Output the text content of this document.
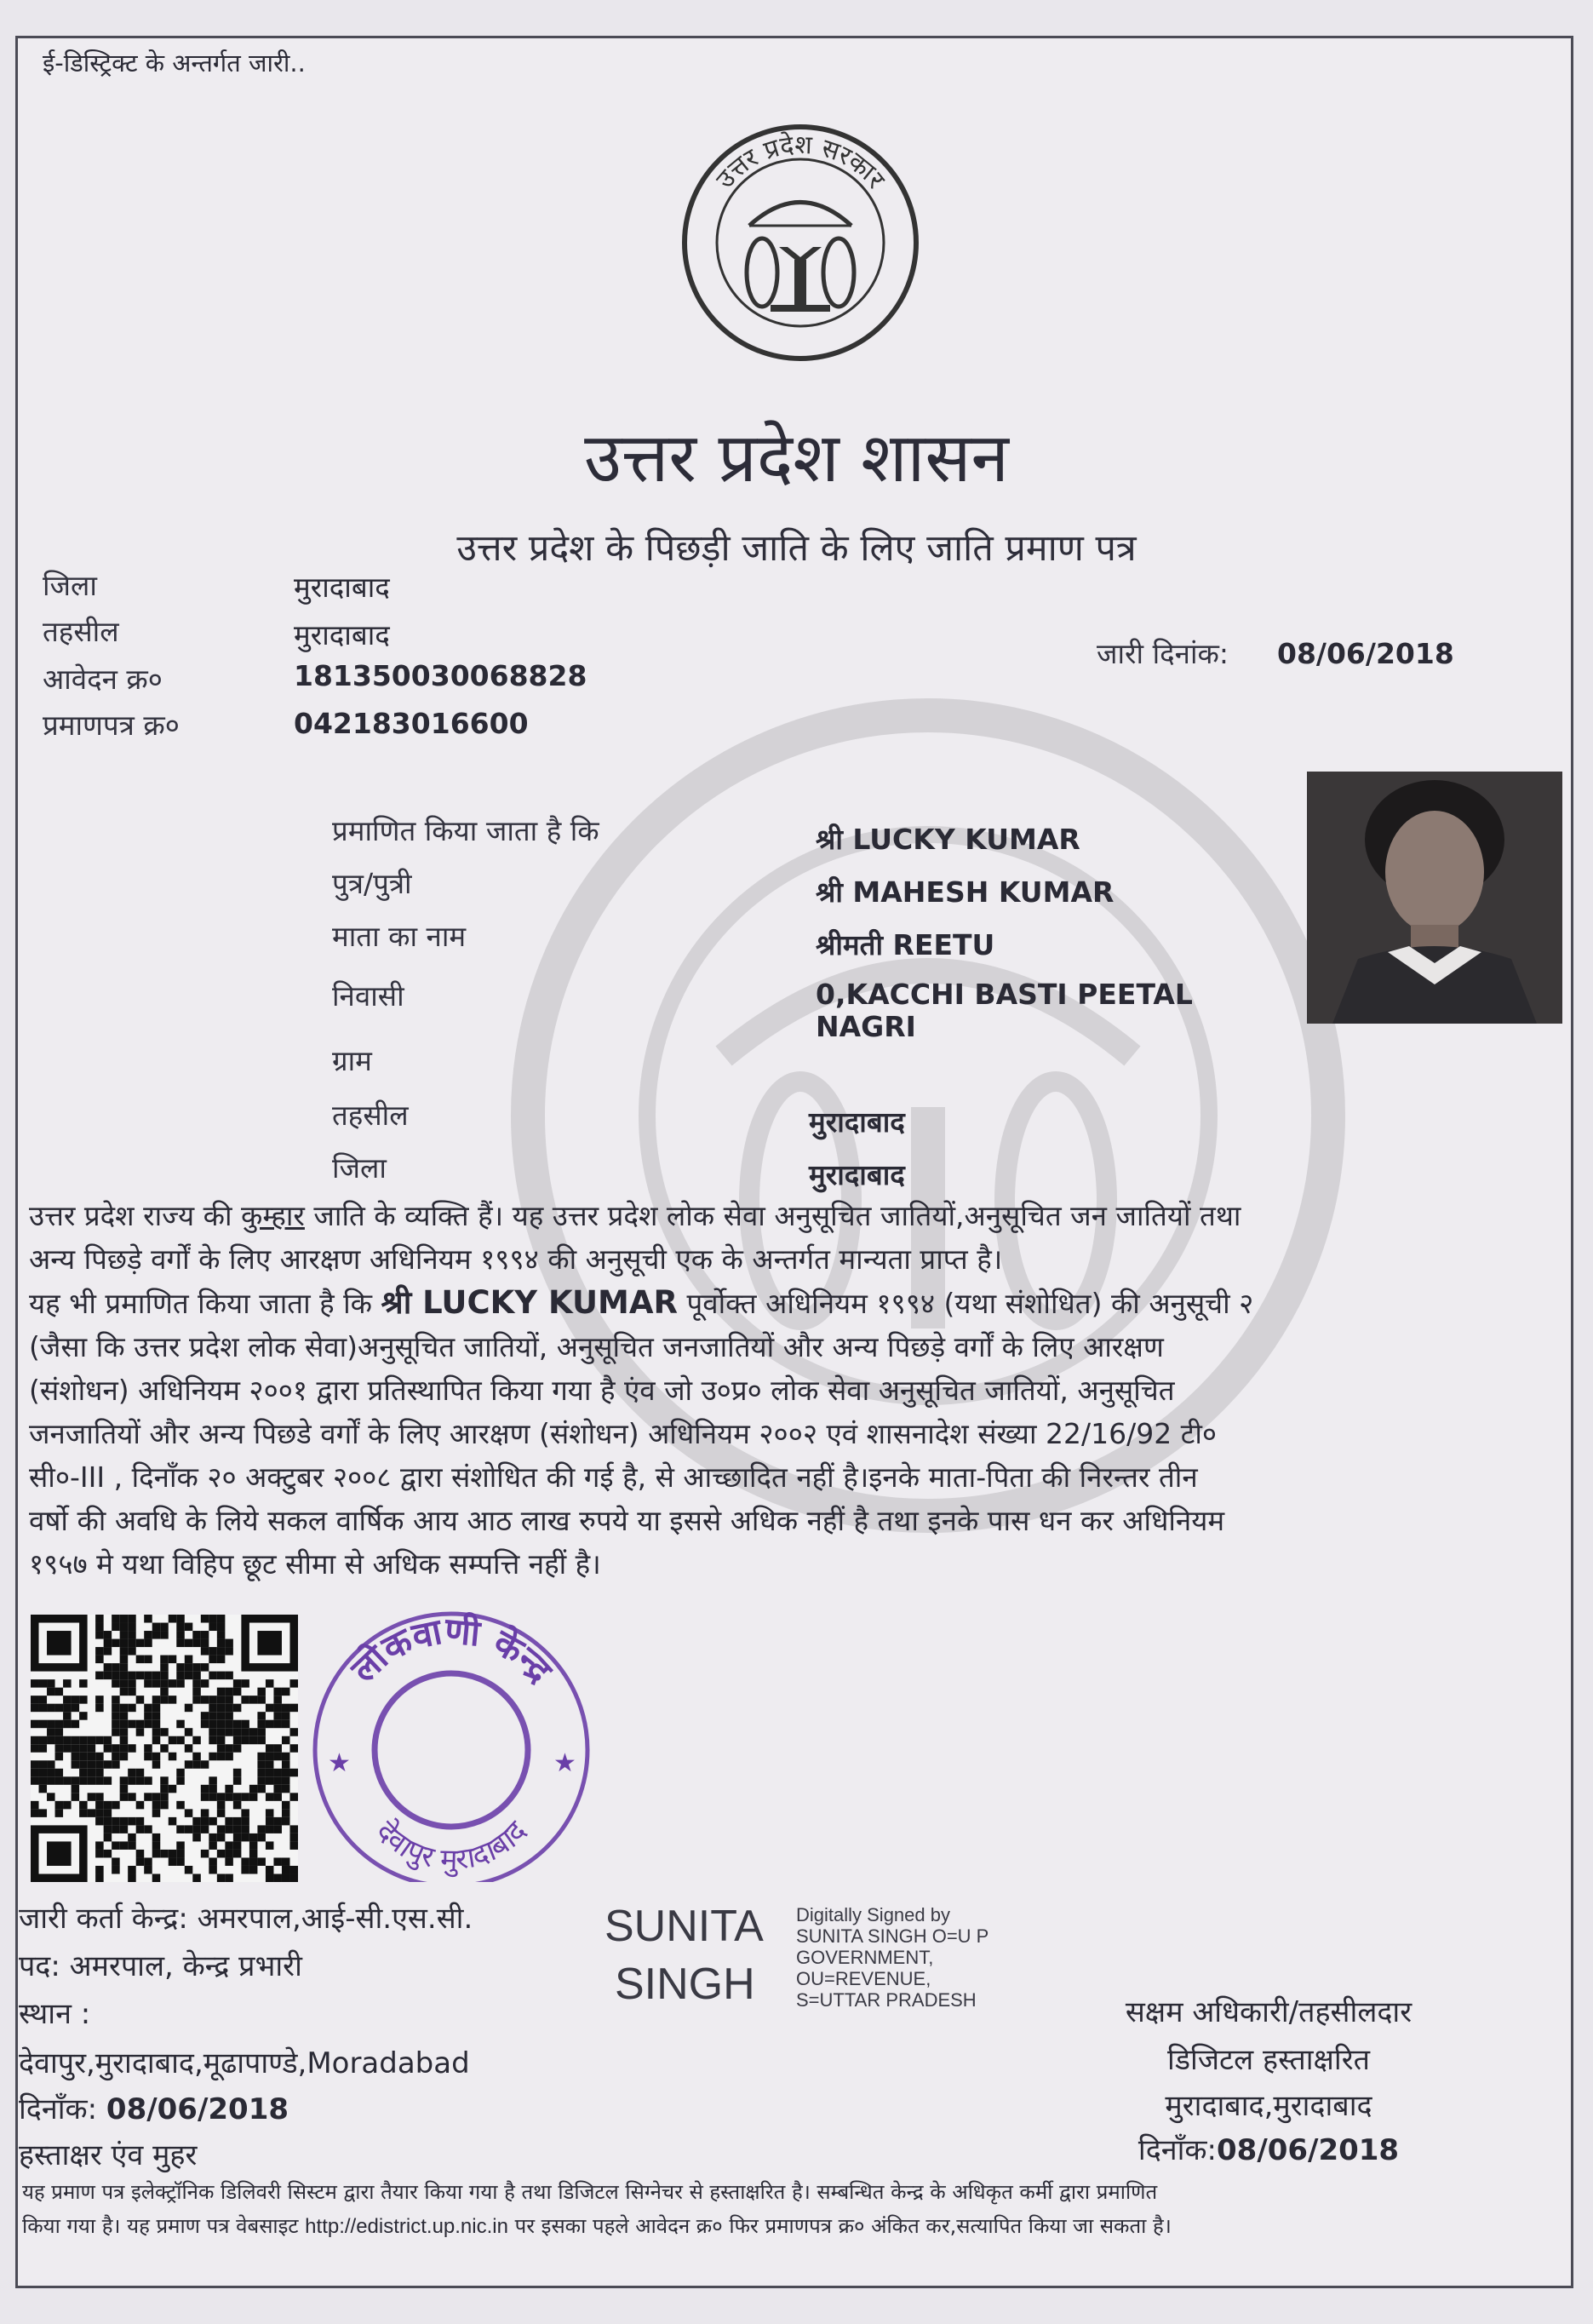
ई-डिस्ट्रिक्ट के अन्तर्गत जारी..
उत्तर प्रदेश सरकार
उत्तर प्रदेश शासन
उत्तर प्रदेश के पिछड़ी जाति के लिए जाति प्रमाण पत्र
जिला	मुरादाबाद
तहसील	मुरादाबाद
आवेदन क्र०	181350030068828
प्रमाणपत्र क्र०	042183016600
जारी दिनांक: 08/06/2018
प्रमाणित किया जाता है कि	श्री LUCKY KUMAR
पुत्र/पुत्री	श्री MAHESH KUMAR
माता का नाम	श्रीमती REETU
निवासी	0,KACCHI BASTI PEETAL
NAGRI
ग्राम
तहसील	मुरादाबाद
जिला	मुरादाबाद

उत्तर प्रदेश राज्य की कुम्हार जाति के व्यक्ति हैं। यह उत्तर प्रदेश लोक सेवा अनुसूचित जातियों,अनुसूचित जन जातियों तथा

अन्य पिछड़े वर्गों के लिए आरक्षण अधिनियम १९९४ की अनुसूची एक के अन्तर्गत मान्यता प्राप्त है।

यह भी प्रमाणित किया जाता है कि श्री LUCKY KUMAR पूर्वोक्त अधिनियम १९९४ (यथा संशोधित) की अनुसूची २

(जैसा कि उत्तर प्रदेश लोक सेवा)अनुसूचित जातियों, अनुसूचित जनजातियों और अन्य पिछड़े वर्गों के लिए आरक्षण

(संशोधन) अधिनियम २००१ द्वारा प्रतिस्थापित किया गया है एंव जो उ०प्र० लोक सेवा अनुसूचित जातियों, अनुसूचित

जनजातियों और अन्य पिछडे वर्गों के लिए आरक्षण (संशोधन) अधिनियम २००२ एवं शासनादेश संख्या 22/16/92 टी०

सी०-III , दिनाँक २० अक्टुबर २००८ द्वारा संशोधित की गई है, से आच्छादित नहीं है।इनके माता-पिता की निरन्तर तीन

वर्षो की अवधि के लिये सकल वार्षिक आय आठ लाख रुपये या इससे अधिक नहीं है तथा इनके पास धन कर अधिनियम

१९५७ मे यथा विहिप छूट सीमा से अधिक सम्पत्ति नहीं है।

लोकवाणी केन्द्र
देवापुर मुरादाबाद
★	★
जारी कर्ता केन्द्र: अमरपाल,आई-सी.एस.सी.
पद: अमरपाल, केन्द्र प्रभारी
स्थान :
देवापुर,मुरादाबाद,मूढापाण्डे,Moradabad
दिनाँक: 08/06/2018
हस्ताक्षर एंव मुहर
SUNITA
SINGH
Digitally Signed by
SUNITA SINGH O=U P
GOVERNMENT,
OU=REVENUE,
S=UTTAR PRADESH	सक्षम अधिकारी/तहसीलदार
डिजिटल हस्ताक्षरित
मुरादाबाद,मुरादाबाद
दिनाँक:08/06/2018

यह प्रमाण पत्र इलेक्ट्रॉनिक डिलिवरी सिस्टम द्वारा तैयार किया गया है तथा डिजिटल सिग्नेचर से हस्ताक्षरित है। सम्बन्धित केन्द्र के अधिकृत कर्मी द्वारा प्रमाणित

किया गया है। यह प्रमाण पत्र वेबसाइट http://edistrict.up.nic.in पर इसका पहले आवेदन क्र० फिर प्रमाणपत्र क्र० अंकित कर,सत्यापित किया जा सकता है।
